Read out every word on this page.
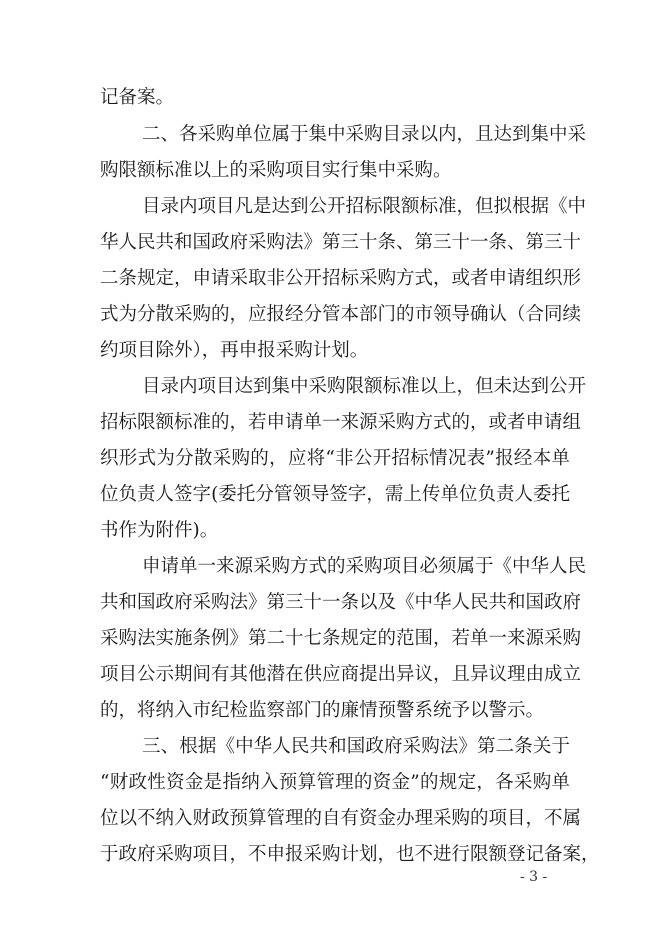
记备案。
二、各采购单位属于集中采购目录以内，且达到集中采
购限额标准以上的采购项目实行集中采购。
目录内项目凡是达到公开招标限额标准，但拟根据《中
华人民共和国政府采购法》第三十条、第三十一条、第三十
二条规定，申请采取非公开招标采购方式，或者申请组织形
式为分散采购的，应报经分管本部门的市领导确认（合同续
约项目除外），再申报采购计划。
目录内项目达到集中采购限额标准以上，但未达到公开
招标限额标准的，若申请单一来源采购方式的，或者申请组
织形式为分散采购的，应将“非公开招标情况表”报经本单
位负责人签字(委托分管领导签字，需上传单位负责人委托
书作为附件)。
申请单一来源采购方式的采购项目必须属于《中华人民
共和国政府采购法》第三十一条以及《中华人民共和国政府
采购法实施条例》第二十七条规定的范围，若单一来源采购
项目公示期间有其他潜在供应商提出异议，且异议理由成立
的，将纳入市纪检监察部门的廉情预警系统予以警示。
三、根据《中华人民共和国政府采购法》第二条关于
“财政性资金是指纳入预算管理的资金”的规定，各采购单
位以不纳入财政预算管理的自有资金办理采购的项目，不属
于政府采购项目，不申报采购计划，也不进行限额登记备案，
- 3 -
